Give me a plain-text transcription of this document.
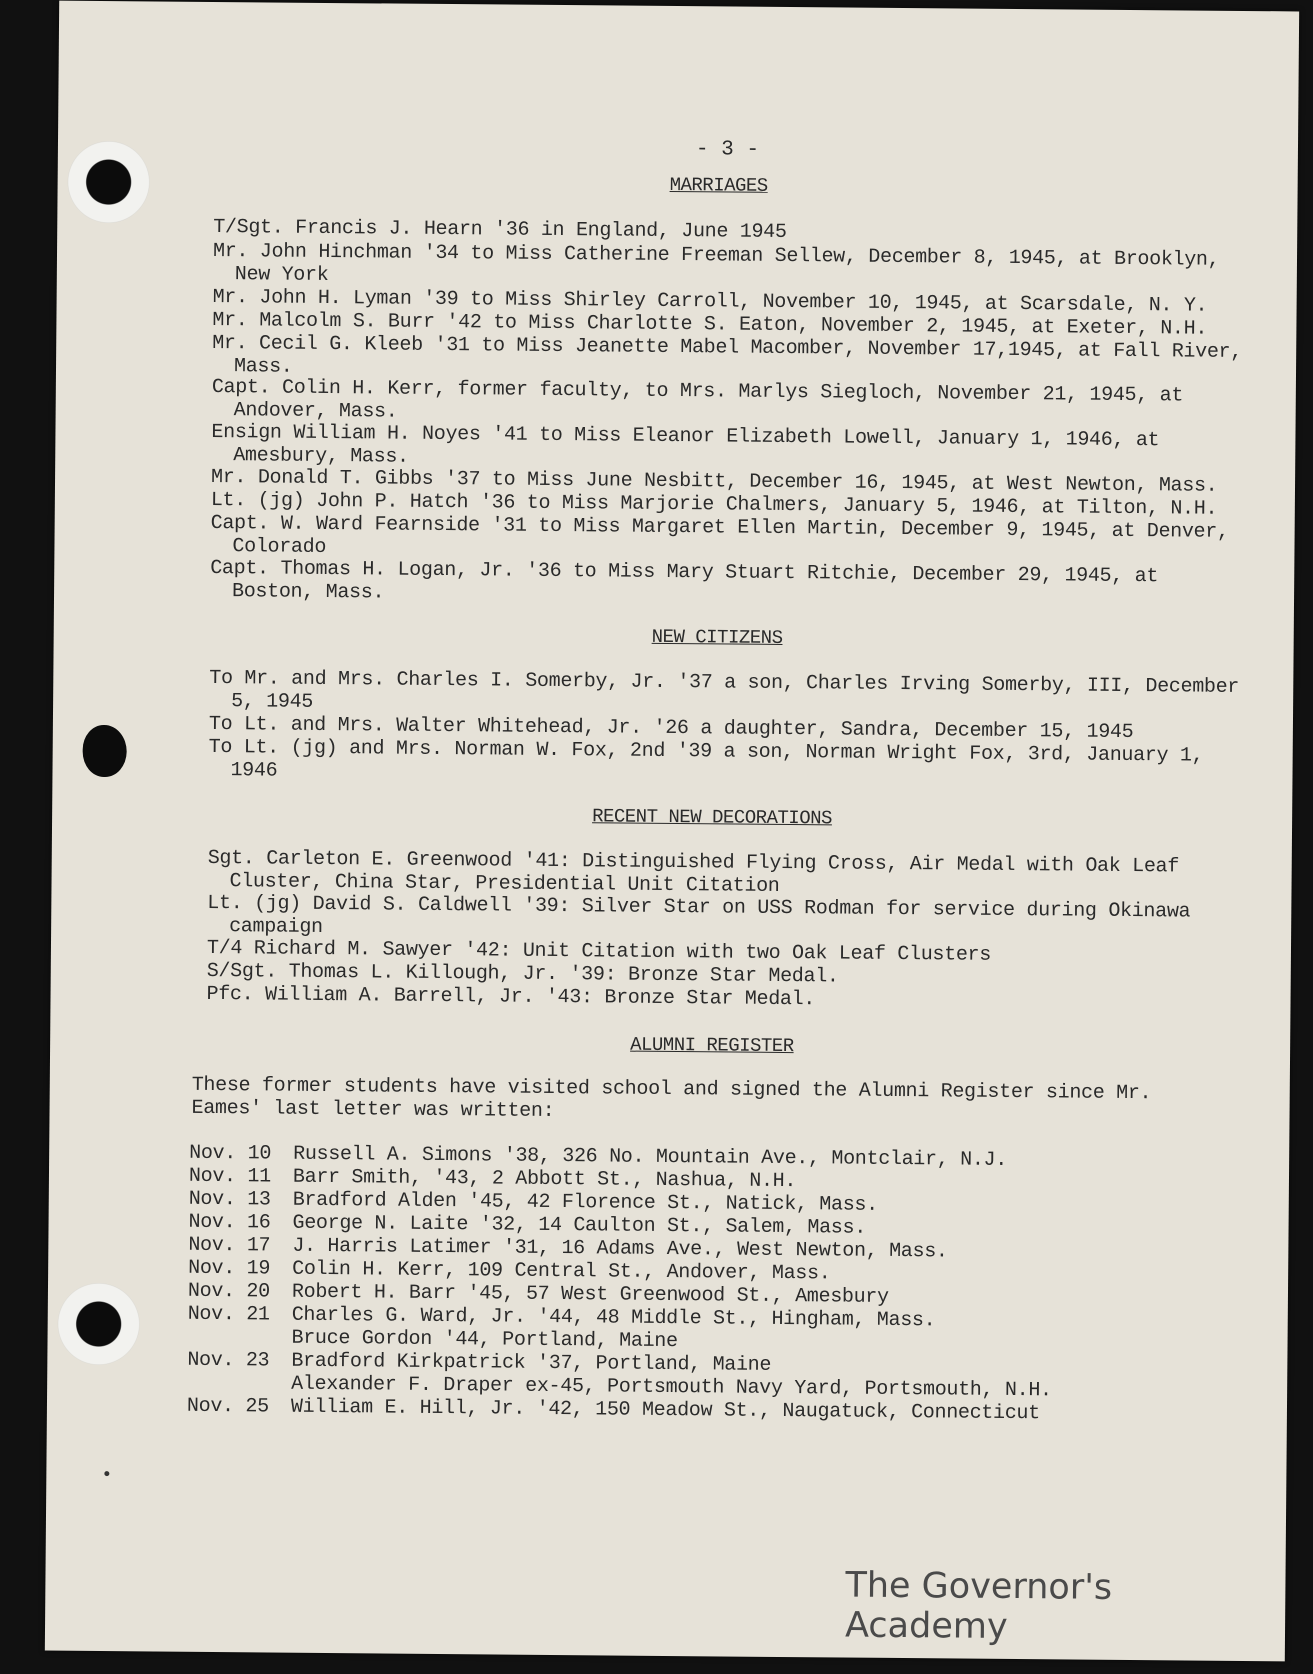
- 3 -
MARRIAGES
T/Sgt. Francis J. Hearn '36 in England, June 1945
Mr. John Hinchman '34 to Miss Catherine Freeman Sellew, December 8, 1945, at Brooklyn, New York
Mr. John H. Lyman '39 to Miss Shirley Carroll, November 10, 1945, at Scarsdale, N. Y.
Mr. Malcolm S. Burr '42 to Miss Charlotte S. Eaton, November 2, 1945, at Exeter, N.H.
Mr. Cecil G. Kleeb '31 to Miss Jeanette Mabel Macomber, November 17,1945, at Fall River, Mass.
Capt. Colin H. Kerr, former faculty, to Mrs. Marlys Siegloch, November 21, 1945, at Andover, Mass.
Ensign William H. Noyes '41 to Miss Eleanor Elizabeth Lowell, January 1, 1946, at Amesbury, Mass.
Mr. Donald T. Gibbs '37 to Miss June Nesbitt, December 16, 1945, at West Newton, Mass.
Lt. (jg) John P. Hatch '36 to Miss Marjorie Chalmers, January 5, 1946, at Tilton, N.H.
Capt. W. Ward Fearnside '31 to Miss Margaret Ellen Martin, December 9, 1945, at Denver, Colorado
Capt. Thomas H. Logan, Jr. '36 to Miss Mary Stuart Ritchie, December 29, 1945, at Boston, Mass.
NEW CITIZENS
To Mr. and Mrs. Charles I. Somerby, Jr. '37 a son, Charles Irving Somerby, III, December 5, 1945
To Lt. and Mrs. Walter Whitehead, Jr. '26 a daughter, Sandra, December 15, 1945
To Lt. (jg) and Mrs. Norman W. Fox, 2nd '39 a son, Norman Wright Fox, 3rd, January 1, 1946
RECENT NEW DECORATIONS
Sgt. Carleton E. Greenwood '41: Distinguished Flying Cross, Air Medal with Oak Leaf Cluster, China Star, Presidential Unit Citation
Lt. (jg) David S. Caldwell '39: Silver Star on USS Rodman for service during Okinawa campaign
T/4 Richard M. Sawyer '42: Unit Citation with two Oak Leaf Clusters
S/Sgt. Thomas L. Killough, Jr. '39: Bronze Star Medal.
Pfc. William A. Barrell, Jr. '43: Bronze Star Medal.
ALUMNI REGISTER
These former students have visited school and signed the Alumni Register since Mr. Eames' last letter was written:
Nov. 10 Russell A. Simons '38, 326 No. Mountain Ave., Montclair, N.J.
Nov. 11 Barr Smith, '43, 2 Abbott St., Nashua, N.H.
Nov. 13 Bradford Alden '45, 42 Florence St., Natick, Mass.
Nov. 16 George N. Laite '32, 14 Caulton St., Salem, Mass.
Nov. 17 J. Harris Latimer '31, 16 Adams Ave., West Newton, Mass.
Nov. 19 Colin H. Kerr, 109 Central St., Andover, Mass.
Nov. 20 Robert H. Barr '45, 57 West Greenwood St., Amesbury
Nov. 21 Charles G. Ward, Jr. '44, 48 Middle St., Hingham, Mass.
Bruce Gordon '44, Portland, Maine
Nov. 23 Bradford Kirkpatrick '37, Portland, Maine
Alexander F. Draper ex-45, Portsmouth Navy Yard, Portsmouth, N.H.
Nov. 25 William E. Hill, Jr. '42, 150 Meadow St., Naugatuck, Connecticut
The Governor's Academy
